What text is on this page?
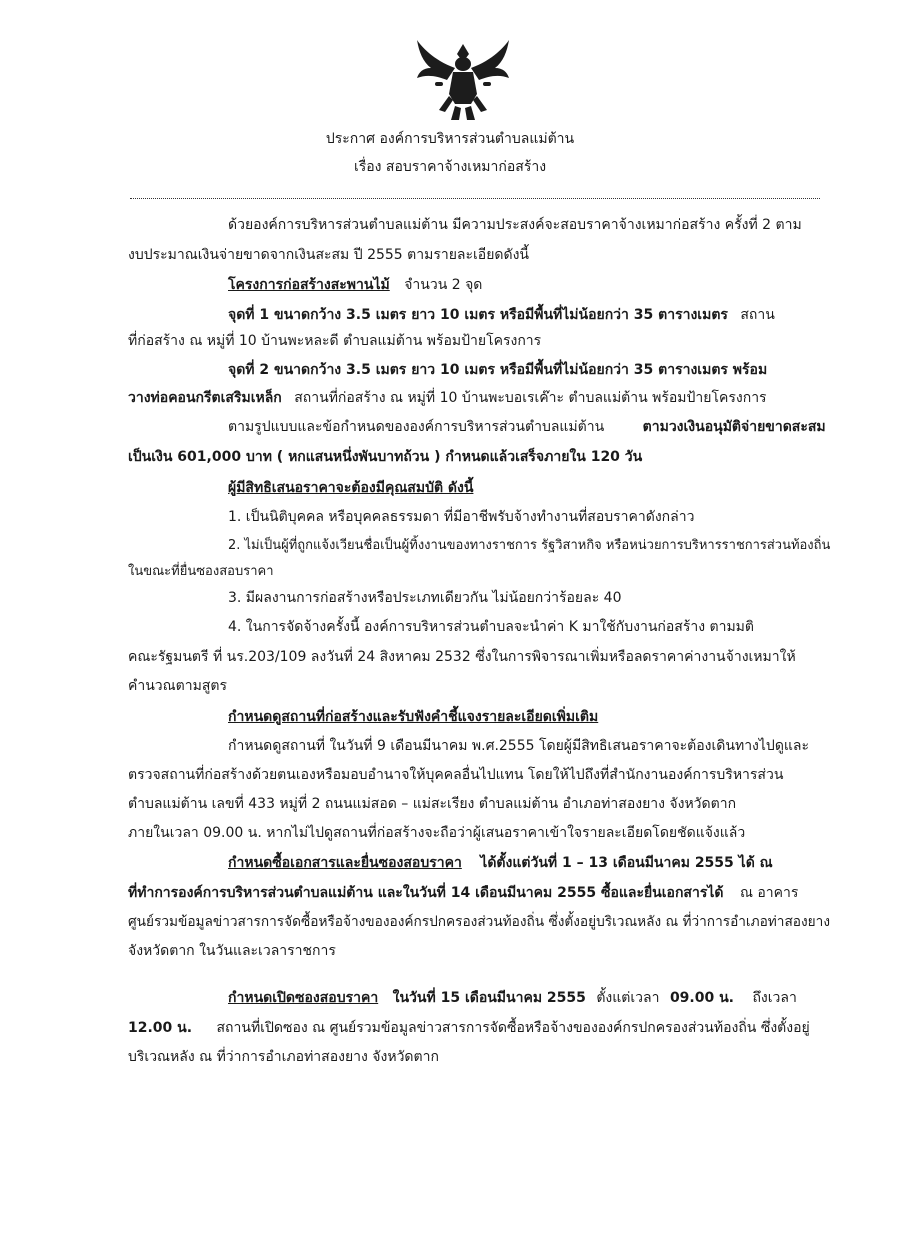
ประกาศ องค์การบริหารส่วนตำบลแม่ต้าน
เรื่อง สอบราคาจ้างเหมาก่อสร้าง
ด้วยองค์การบริหารส่วนตำบลแม่ต้าน มีความประสงค์จะสอบราคาจ้างเหมาก่อสร้าง ครั้งที่ 2 ตาม
งบประมาณเงินจ่ายขาดจากเงินสะสม ปี 2555 ตามรายละเอียดดังนี้
โครงการก่อสร้างสะพานไม้ จำนวน 2 จุด
จุดที่ 1 ขนาดกว้าง 3.5 เมตร ยาว 10 เมตร หรือมีพื้นที่ไม่น้อยกว่า 35 ตารางเมตร สถาน
ที่ก่อสร้าง ณ หมู่ที่ 10 บ้านพะหละดี ตำบลแม่ต้าน พร้อมป้ายโครงการ
จุดที่ 2 ขนาดกว้าง 3.5 เมตร ยาว 10 เมตร หรือมีพื้นที่ไม่น้อยกว่า 35 ตารางเมตร พร้อม
วางท่อคอนกรีตเสริมเหล็ก สถานที่ก่อสร้าง ณ หมู่ที่ 10 บ้านพะบอเรเค๊าะ ตำบลแม่ต้าน พร้อมป้ายโครงการ
ตามรูปแบบและข้อกำหนดขององค์การบริหารส่วนตำบลแม่ต้าน	ตามวงเงินอนุมัติจ่ายขาดสะสม
เป็นเงิน 601,000 บาท ( หกแสนหนึ่งพันบาทถ้วน ) กำหนดแล้วเสร็จภายใน 120 วัน
ผู้มีสิทธิเสนอราคาจะต้องมีคุณสมบัติ ดังนี้
1. เป็นนิติบุคคล หรือบุคคลธรรมดา ที่มีอาชีพรับจ้างทำงานที่สอบราคาดังกล่าว
2. ไม่เป็นผู้ที่ถูกแจ้งเวียนชื่อเป็นผู้ทิ้งงานของทางราชการ รัฐวิสาหกิจ หรือหน่วยการบริหารราชการส่วนท้องถิ่น
ในขณะที่ยื่นซองสอบราคา
3. มีผลงานการก่อสร้างหรือประเภทเดียวกัน ไม่น้อยกว่าร้อยละ 40
4. ในการจัดจ้างครั้งนี้ องค์การบริหารส่วนตำบลจะนำค่า K มาใช้กับงานก่อสร้าง ตามมติ
คณะรัฐมนตรี ที่ นร.203/109 ลงวันที่ 24 สิงหาคม 2532 ซึ่งในการพิจารณาเพิ่มหรือลดราคาค่างานจ้างเหมาให้
คำนวณตามสูตร
กำหนดดูสถานที่ก่อสร้างและรับฟังคำชี้แจงรายละเอียดเพิ่มเติม
กำหนดดูสถานที่ ในวันที่ 9 เดือนมีนาคม พ.ศ.2555 โดยผู้มีสิทธิเสนอราคาจะต้องเดินทางไปดูและ
ตรวจสถานที่ก่อสร้างด้วยตนเองหรือมอบอำนาจให้บุคคลอื่นไปแทน โดยให้ไปถึงที่สำนักงานองค์การบริหารส่วน
ตำบลแม่ต้าน เลขที่ 433 หมู่ที่ 2 ถนนแม่สอด – แม่สะเรียง ตำบลแม่ต้าน อำเภอท่าสองยาง จังหวัดตาก
ภายในเวลา 09.00 น. หากไม่ไปดูสถานที่ก่อสร้างจะถือว่าผู้เสนอราคาเข้าใจรายละเอียดโดยชัดแจ้งแล้ว
กำหนดซื้อเอกสารและยื่นซองสอบราคา ได้ตั้งแต่วันที่ 1 – 13 เดือนมีนาคม 2555 ได้ ณ
ที่ทำการองค์การบริหารส่วนตำบลแม่ต้าน และในวันที่ 14 เดือนมีนาคม 2555 ซื้อและยื่นเอกสารได้ ณ อาคาร
ศูนย์รวมข้อมูลข่าวสารการจัดซื้อหรือจ้างขององค์กรปกครองส่วนท้องถิ่น ซึ่งตั้งอยู่บริเวณหลัง ณ ที่ว่าการอำเภอท่าสองยาง
จังหวัดตาก ในวันและเวลาราชการ
กำหนดเปิดซองสอบราคา ในวันที่ 15 เดือนมีนาคม 2555 ตั้งแต่เวลา 09.00 น. ถึงเวลา
12.00 น. สถานที่เปิดซอง ณ ศูนย์รวมข้อมูลข่าวสารการจัดซื้อหรือจ้างขององค์กรปกครองส่วนท้องถิ่น ซึ่งตั้งอยู่
บริเวณหลัง ณ ที่ว่าการอำเภอท่าสองยาง จังหวัดตาก
